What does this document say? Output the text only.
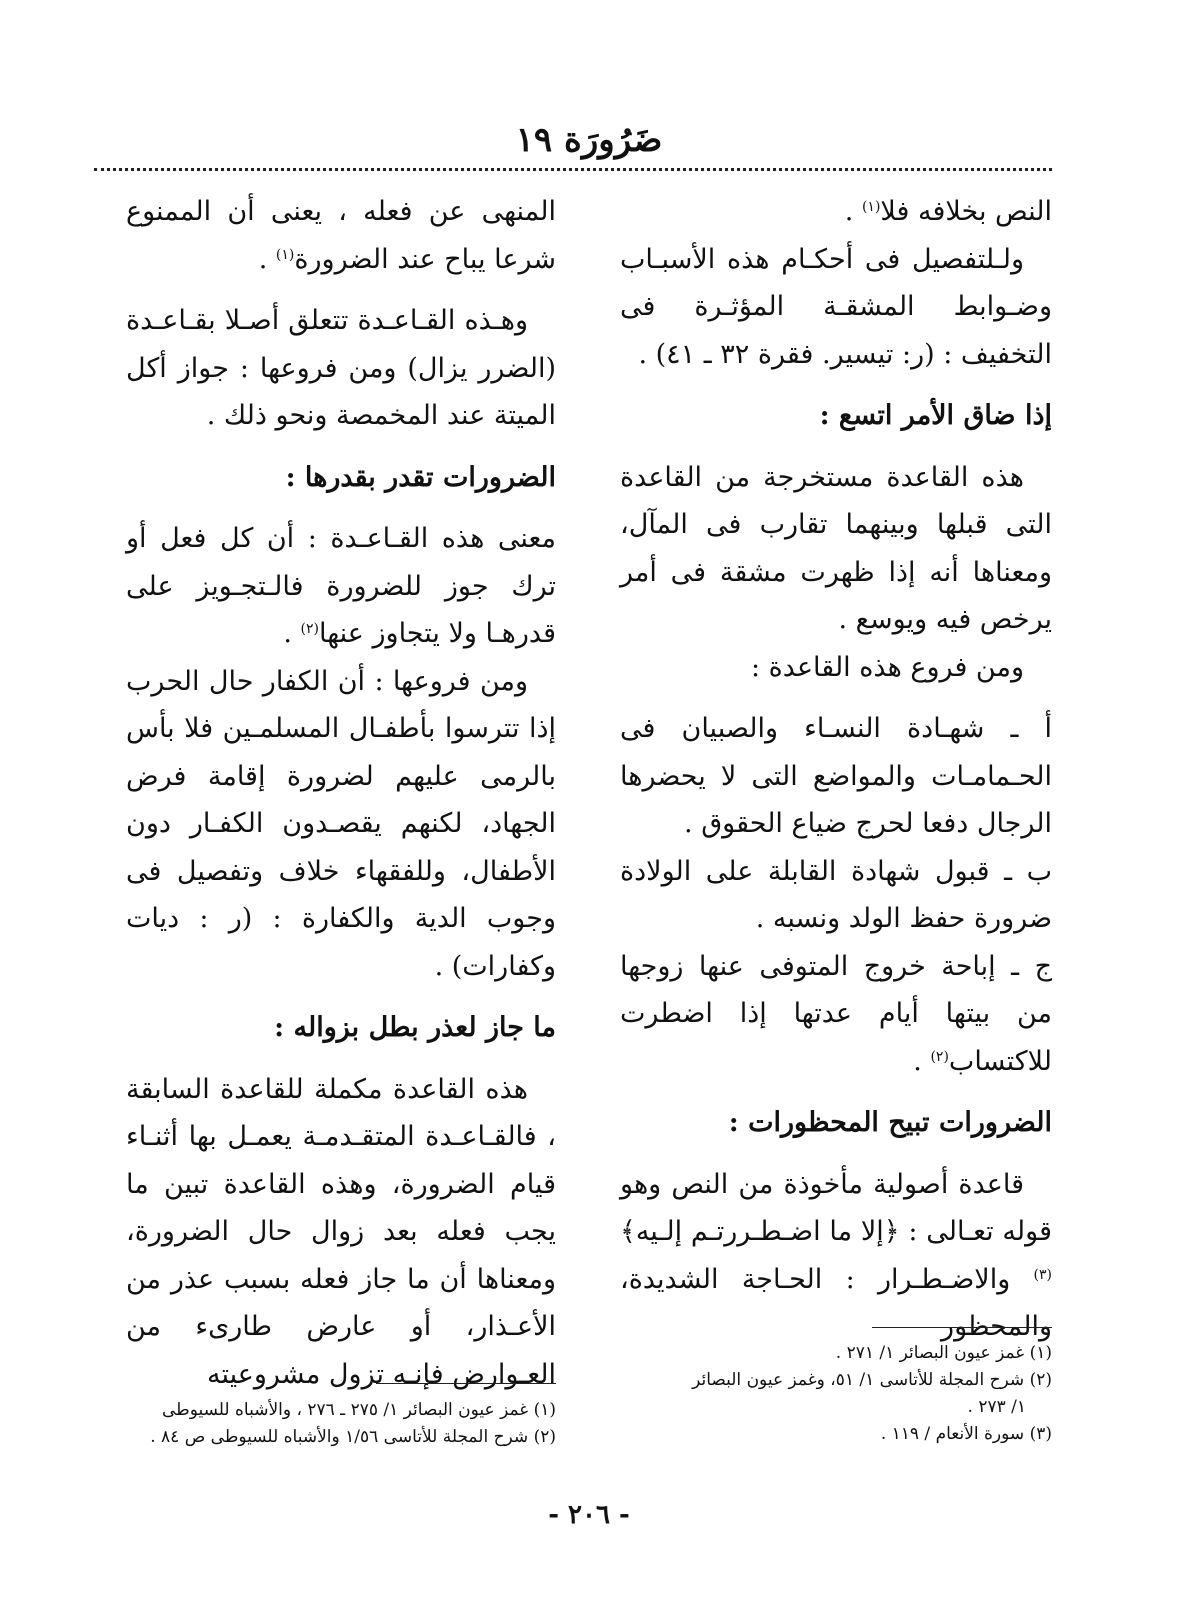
ضَرُورَة ١٩

النص بخلافه فلا$^{(١)}$ .

ولـلتفصيل فى أحكـام هذه الأسبـاب وضـوابط المشقـة المؤثـرة فى التخفيف : (ر: تيسير. فقرة ٣٢ ـ ٤١) .

إذا ضاق الأمر اتسع :

هذه القاعدة مستخرجة من القاعدة التى قبلها وبينهما تقارب فى المآل، ومعناها أنه إذا ظهرت مشقة فى أمر يرخص فيه ويوسع .

ومن فروع هذه القاعدة :

أ ـ شهـادة النسـاء والصبيان فى الحـمامـات والمواضع التى لا يحضرها الرجال دفعا لحرج ضياع الحقوق .

ب ـ قبول شهادة القابلة على الولادة ضرورة حفظ الولد ونسبه .

ج ـ إباحة خروج المتوفى عنها زوجها من بيتها أيام عدتها إذا اضطرت للاكتساب$^{(٢)}$ .

الضرورات تبيح المحظورات :

قاعدة أصولية مأخوذة من النص وهو قوله تعـالى : ﴿إلا ما اضـطـررتـم إلـيه﴾$^{(٣)}$ والاضـطـرار : الحـاجة الشديدة، والمحظور

المنهى عن فعله ، يعنى أن الممنوع شرعا يباح عند الضرورة$^{(١)}$ .

وهـذه القـاعـدة تتعلق أصـلا بقـاعـدة (الضرر يزال) ومن فروعها : جواز أكل الميتة عند المخمصة ونحو ذلك .

الضرورات تقدر بقدرها :

معنى هذه القـاعـدة : أن كل فعل أو ترك جوز للضرورة فالـتجـويز على قدرهـا ولا يتجاوز عنها$^{(٢)}$ .

ومن فروعها : أن الكفار حال الحرب إذا تترسوا بأطفـال المسلمـين فلا بأس بالرمى عليهم لضرورة إقامة فرض الجهاد، لكنهم يقصـدون الكفـار دون الأطفال، وللفقهاء خلاف وتفصيل فى وجوب الدية والكفارة : (ر : ديات وكفارات) .

ما جاز لعذر بطل بزواله :

هذه القاعدة مكملة للقاعدة السابقة ، فالقـاعـدة المتقـدمـة يعمـل بها أثنـاء قيام الضرورة، وهذه القاعدة تبين ما يجب فعله بعد زوال حال الضرورة، ومعناها أن ما جاز فعله بسبب عذر من الأعـذار، أو عارض طارىء من العـوارض فإنـه تزول مشروعيته

(١) غمز عيون البصائر ١/ ٢٧١ .
(٢) شرح المجلة للأتاسى ١/ ٥١، وغمز عيون البصائر
١/ ٢٧٣ .
(٣) سورة الأنعام / ١١٩ .
(١) غمز عيون البصائر ١/ ٢٧٥ ـ ٢٧٦ ، والأشباه للسيوطى
(٢) شرح المجلة للأتاسى ١/٥٦ والأشباه للسيوطى ص ٨٤ .
- ٢٠٦ -
